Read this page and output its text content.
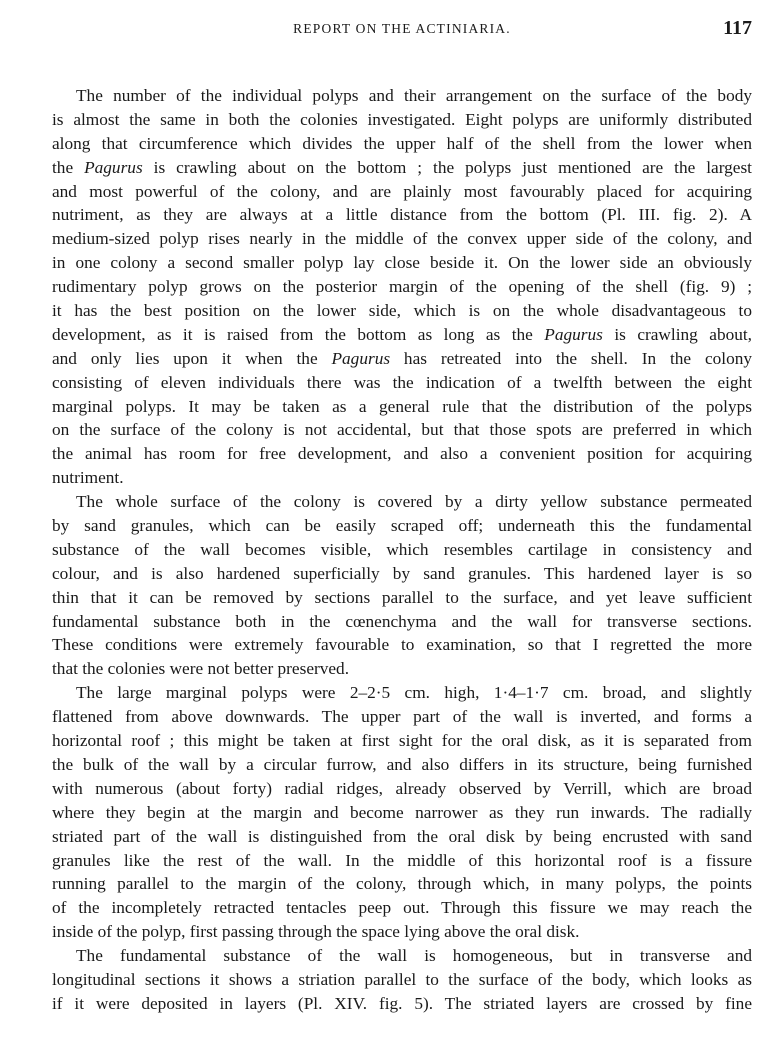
REPORT ON THE ACTINIARIA.	117
The number of the individual polyps and their arrangement on the surface of the body
is almost the same in both the colonies investigated. Eight polyps are uniformly distributed
along that circumference which divides the upper half of the shell from the lower when
the Pagurus is crawling about on the bottom ; the polyps just mentioned are the largest
and most powerful of the colony, and are plainly most favourably placed for acquiring
nutriment, as they are always at a little distance from the bottom (Pl. III. fig. 2). A
medium-sized polyp rises nearly in the middle of the convex upper side of the colony, and
in one colony a second smaller polyp lay close beside it. On the lower side an obviously
rudimentary polyp grows on the posterior margin of the opening of the shell (fig. 9) ;
it has the best position on the lower side, which is on the whole disadvantageous to
development, as it is raised from the bottom as long as the Pagurus is crawling about,
and only lies upon it when the Pagurus has retreated into the shell. In the colony
consisting of eleven individuals there was the indication of a twelfth between the eight
marginal polyps. It may be taken as a general rule that the distribution of the polyps
on the surface of the colony is not accidental, but that those spots are preferred in which
the animal has room for free development, and also a convenient position for acquiring
nutriment.
The whole surface of the colony is covered by a dirty yellow substance permeated
by sand granules, which can be easily scraped off; underneath this the fundamental
substance of the wall becomes visible, which resembles cartilage in consistency and
colour, and is also hardened superficially by sand granules. This hardened layer is so
thin that it can be removed by sections parallel to the surface, and yet leave sufficient
fundamental substance both in the cœnenchyma and the wall for transverse sections.
These conditions were extremely favourable to examination, so that I regretted the more
that the colonies were not better preserved.
The large marginal polyps were 2–2·5 cm. high, 1·4–1·7 cm. broad, and slightly
flattened from above downwards. The upper part of the wall is inverted, and forms a
horizontal roof ; this might be taken at first sight for the oral disk, as it is separated from
the bulk of the wall by a circular furrow, and also differs in its structure, being furnished
with numerous (about forty) radial ridges, already observed by Verrill, which are broad
where they begin at the margin and become narrower as they run inwards. The radially
striated part of the wall is distinguished from the oral disk by being encrusted with sand
granules like the rest of the wall. In the middle of this horizontal roof is a fissure
running parallel to the margin of the colony, through which, in many polyps, the points
of the incompletely retracted tentacles peep out. Through this fissure we may reach the
inside of the polyp, first passing through the space lying above the oral disk.
The fundamental substance of the wall is homogeneous, but in transverse and
longitudinal sections it shows a striation parallel to the surface of the body, which looks as
if it were deposited in layers (Pl. XIV. fig. 5). The striated layers are crossed by fine
